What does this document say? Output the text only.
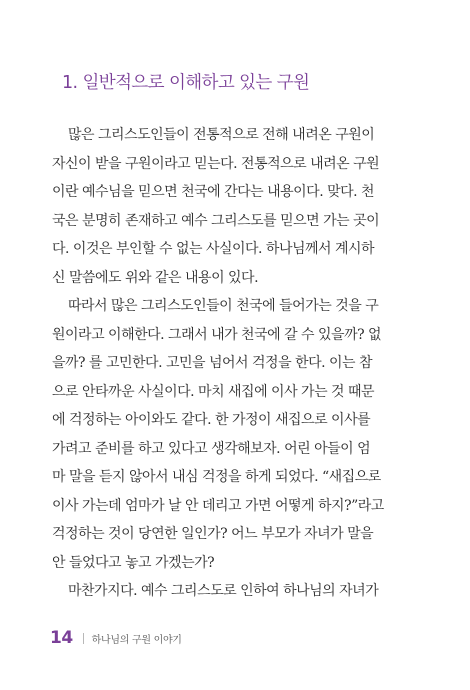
1. 일반적으로 이해하고 있는 구원
많은 그리스도인들이 전통적으로 전해 내려온 구원이
자신이 받을 구원이라고 믿는다. 전통적으로 내려온 구원
이란 예수님을 믿으면 천국에 간다는 내용이다. 맞다. 천
국은 분명히 존재하고 예수 그리스도를 믿으면 가는 곳이
다. 이것은 부인할 수 없는 사실이다. 하나님께서 계시하
신 말씀에도 위와 같은 내용이 있다.
따라서 많은 그리스도인들이 천국에 들어가는 것을 구
원이라고 이해한다. 그래서 내가 천국에 갈 수 있을까? 없
을까? 를 고민한다. 고민을 넘어서 걱정을 한다. 이는 참
으로 안타까운 사실이다. 마치 새집에 이사 가는 것 때문
에 걱정하는 아이와도 같다. 한 가정이 새집으로 이사를
가려고 준비를 하고 있다고 생각해보자. 어린 아들이 엄
마 말을 듣지 않아서 내심 걱정을 하게 되었다. “새집으로
이사 가는데 엄마가 날 안 데리고 가면 어떻게 하지?”라고
걱정하는 것이 당연한 일인가? 어느 부모가 자녀가 말을
안 들었다고 놓고 가겠는가?
마찬가지다. 예수 그리스도로 인하여 하나님의 자녀가
14 하나님의 구원 이야기
